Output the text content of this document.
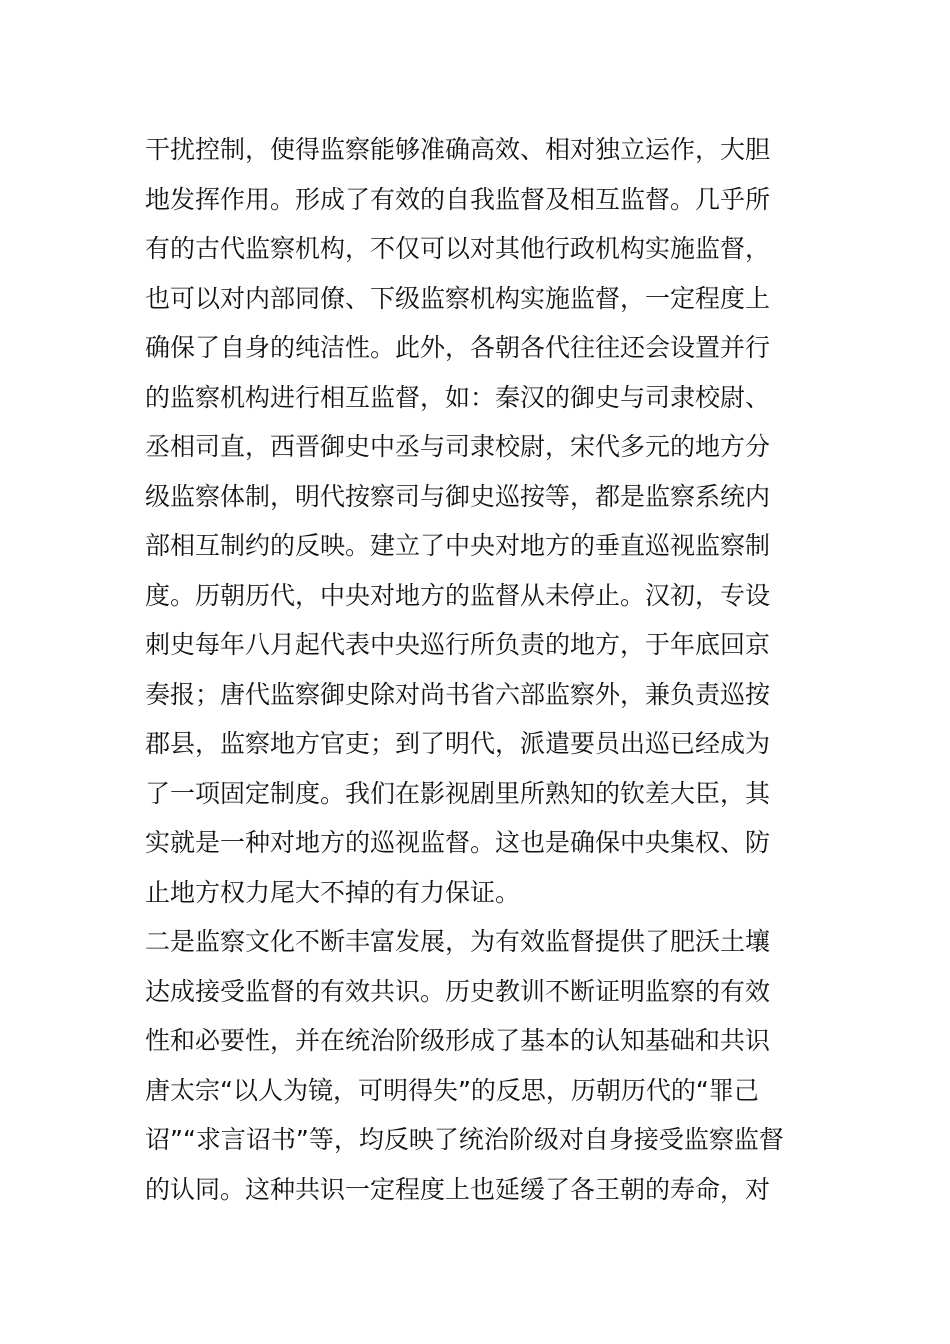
干扰控制，使得监察能够准确高效、相对独立运作，大胆
地发挥作用。形成了有效的自我监督及相互监督。几乎所
有的古代监察机构，不仅可以对其他行政机构实施监督，
也可以对内部同僚、下级监察机构实施监督，一定程度上
确保了自身的纯洁性。此外，各朝各代往往还会设置并行
的监察机构进行相互监督，如：秦汉的御史与司隶校尉、
丞相司直，西晋御史中丞与司隶校尉，宋代多元的地方分
级监察体制，明代按察司与御史巡按等，都是监察系统内
部相互制约的反映。建立了中央对地方的垂直巡视监察制
度。历朝历代，中央对地方的监督从未停止。汉初，专设
刺史每年八月起代表中央巡行所负责的地方，于年底回京
奏报；唐代监察御史除对尚书省六部监察外，兼负责巡按
郡县，监察地方官吏；到了明代，派遣要员出巡已经成为
了一项固定制度。我们在影视剧里所熟知的钦差大臣，其
实就是一种对地方的巡视监督。这也是确保中央集权、防
止地方权力尾大不掉的有力保证。
二是监察文化不断丰富发展，为有效监督提供了肥沃土壤
达成接受监督的有效共识。历史教训不断证明监察的有效
性和必要性，并在统治阶级形成了基本的认知基础和共识
唐太宗“以人为镜，可明得失”的反思，历朝历代的“罪己
诏”“求言诏书”等，均反映了统治阶级对自身接受监察监督
的认同。这种共识一定程度上也延缓了各王朝的寿命，对
